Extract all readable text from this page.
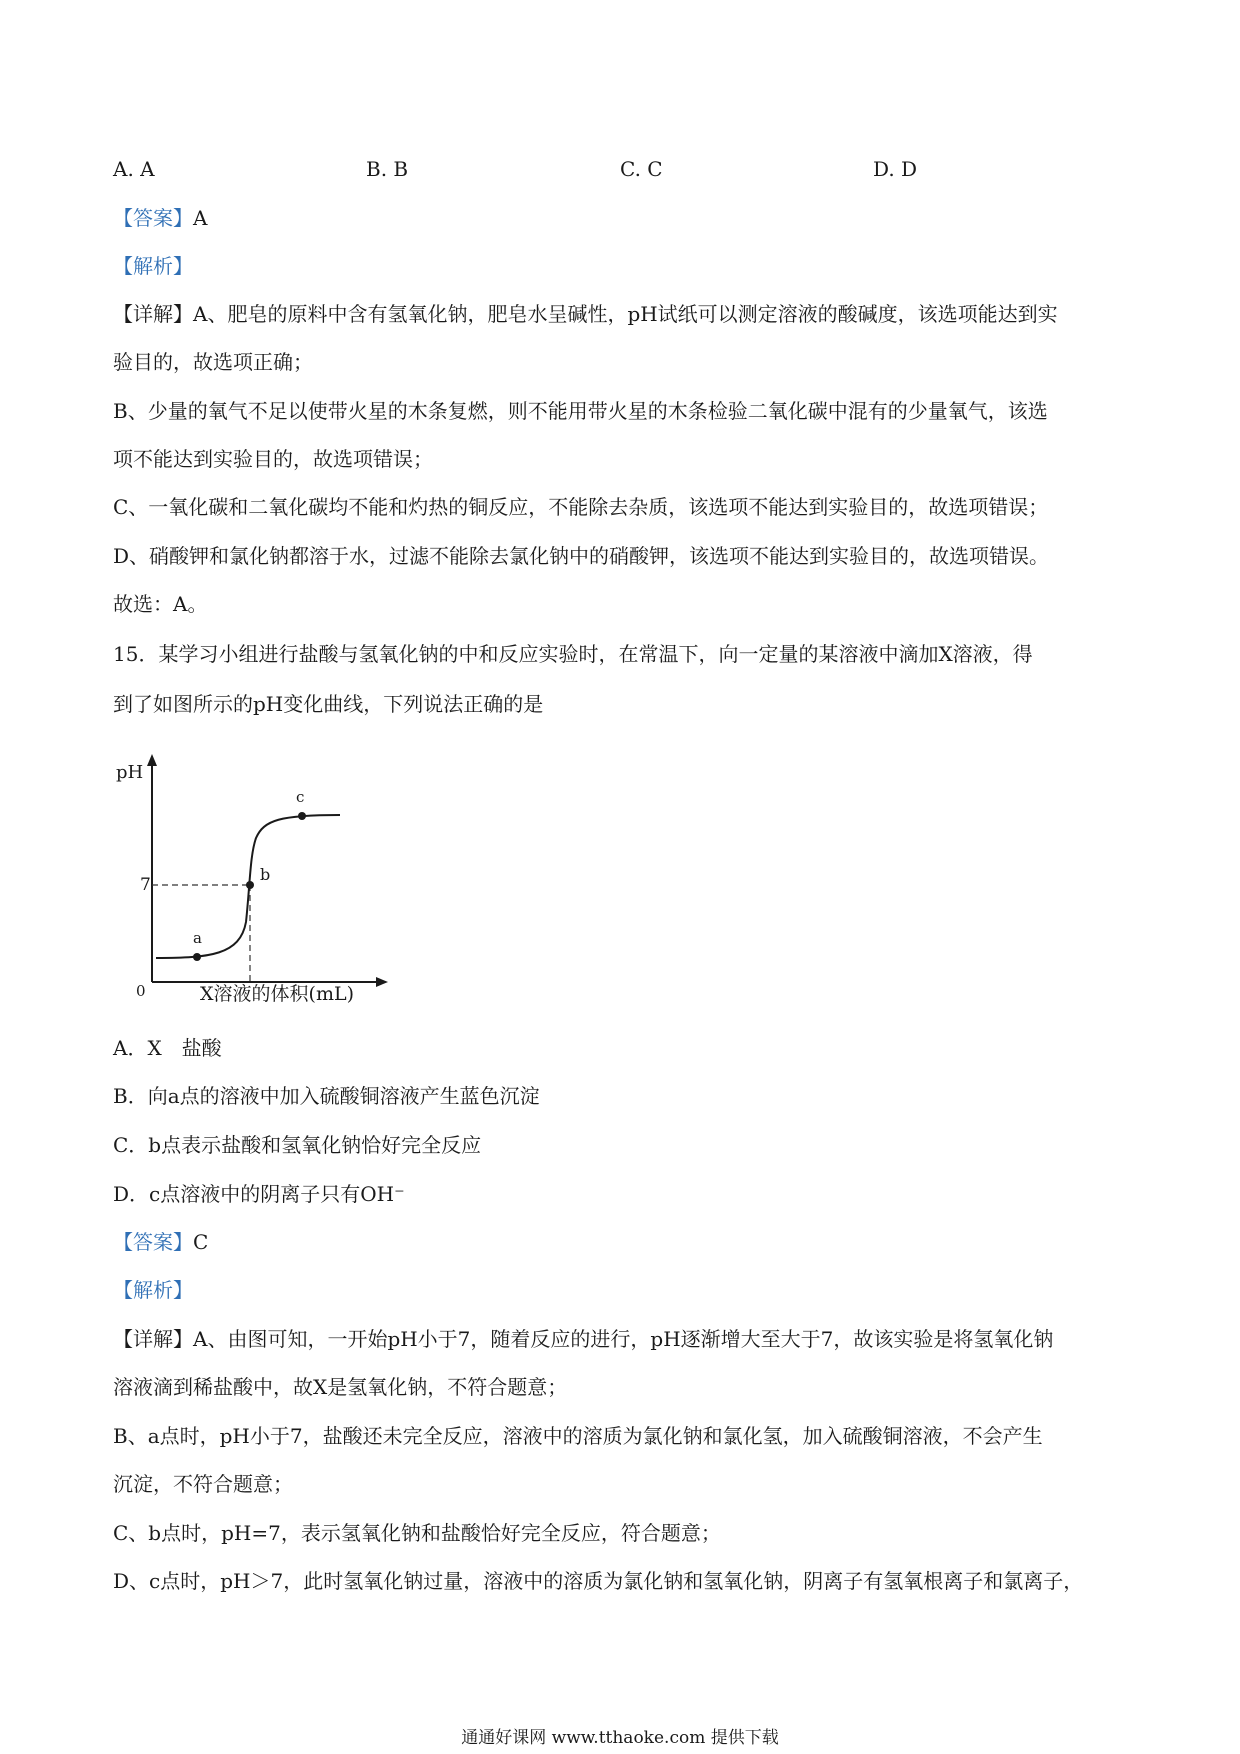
A. A	B. B	C. C	D. D
【答案】A
【解析】
【详解】A、肥皂的原料中含有氢氧化钠，肥皂水呈碱性，pH试纸可以测定溶液的酸碱度，该选项能达到实
验目的，故选项正确；
B、少量的氧气不足以使带火星的木条复燃，则不能用带火星的木条检验二氧化碳中混有的少量氧气，该选
项不能达到实验目的，故选项错误；
C、一氧化碳和二氧化碳均不能和灼热的铜反应，不能除去杂质，该选项不能达到实验目的，故选项错误；
D、硝酸钾和氯化钠都溶于水，过滤不能除去氯化钠中的硝酸钾，该选项不能达到实验目的，故选项错误。
故选：A。
15．某学习小组进行盐酸与氢氧化钠的中和反应实验时，在常温下，向一定量的某溶液中滴加X溶液，得
到了如图所示的pH变化曲线，下列说法正确的是
pH
7
0	X溶液的体积(mL)
a
b
c
A．X　盐酸
B．向a点的溶液中加入硫酸铜溶液产生蓝色沉淀
C．b点表示盐酸和氢氧化钠恰好完全反应
D．c点溶液中的阴离子只有OH⁻
【答案】C
【解析】
【详解】A、由图可知，一开始pH小于7，随着反应的进行，pH逐渐增大至大于7，故该实验是将氢氧化钠
溶液滴到稀盐酸中，故X是氢氧化钠，不符合题意；
B、a点时，pH小于7，盐酸还未完全反应，溶液中的溶质为氯化钠和氯化氢，加入硫酸铜溶液，不会产生
沉淀，不符合题意；
C、b点时，pH=7，表示氢氧化钠和盐酸恰好完全反应，符合题意；
D、c点时，pH＞7，此时氢氧化钠过量，溶液中的溶质为氯化钠和氢氧化钠，阴离子有氢氧根离子和氯离子，
通通好课网 www.tthaoke.com 提供下载
